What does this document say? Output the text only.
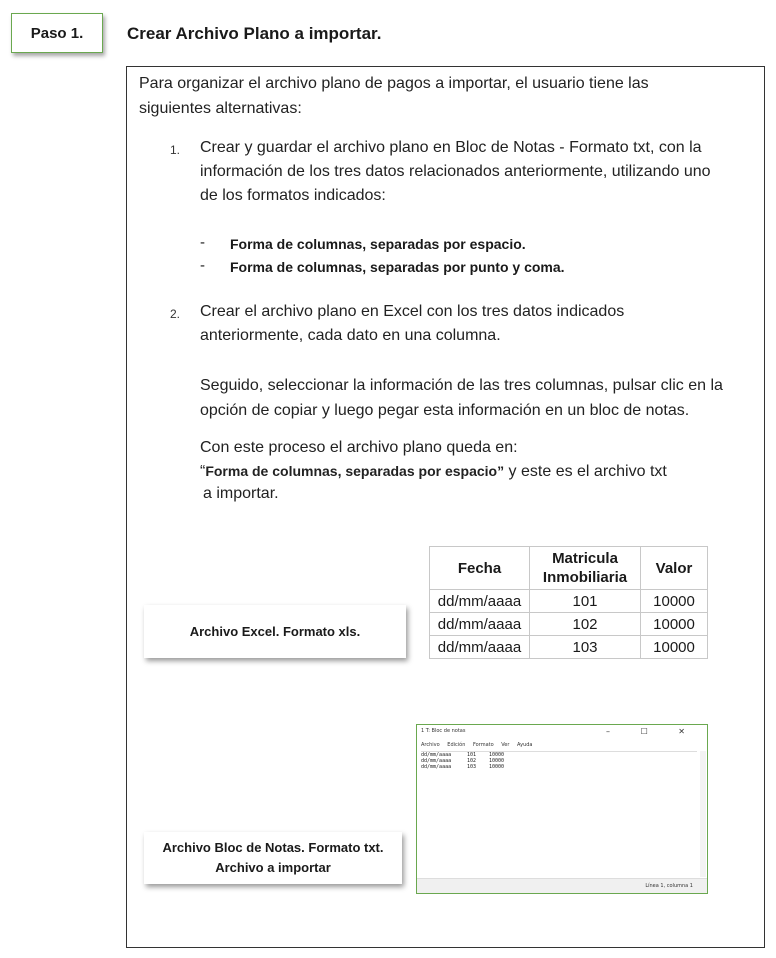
Paso 1.	Crear Archivo Plano a importar.
Para organizar el archivo plano de pagos a importar, el usuario tiene las
siguientes alternativas:
1. Crear y guardar el archivo plano en Bloc de Notas - Formato txt, con la
información de los tres datos relacionados anteriormente, utilizando uno
de los formatos indicados:
- Forma de columnas, separadas por espacio.
- Forma de columnas, separadas por punto y coma.
2. Crear el archivo plano en Excel con los tres datos indicados
anteriormente, cada dato en una columna.
Seguido, seleccionar la información de las tres columnas, pulsar clic en la
opción de copiar y luego pegar esta información en un bloc de notas.
Con este proceso el archivo plano queda en:
“Forma de columnas, separadas por espacio” y este es el archivo txt
a importar.
Archivo Excel. Formato xls.
Fecha	Matricula Inmobiliaria	Valor
dd/mm/aaaa	101	10000
dd/mm/aaaa	102	10000
dd/mm/aaaa	103	10000
Archivo Bloc de Notas. Formato txt.
Archivo a importar
1 T: Bloc de notas	– ☐ ✕
Archivo Edición Formato Ver Ayuda
dd/mm/aaaa	101	10000
dd/mm/aaaa	102	10000
dd/mm/aaaa	103	10000
Línea 1, columna 1
